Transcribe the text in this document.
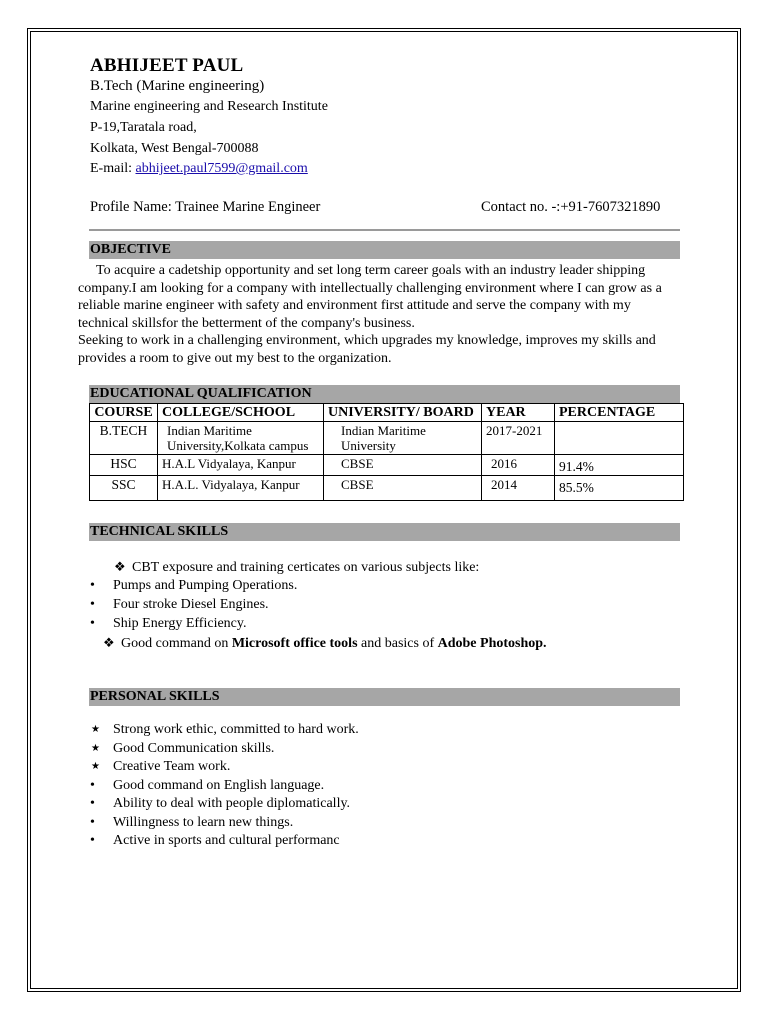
ABHIJEET PAUL
B.Tech (Marine engineering)
Marine engineering and Research Institute
P-19,Taratala road,
Kolkata, West Bengal-700088
E-mail: abhijeet.paul7599@gmail.com
Profile Name: Trainee Marine Engineer	Contact no. -:+91-7607321890
OBJECTIVE

To acquire a cadetship opportunity and set long term career goals with an industry leader shipping company.I am looking for a company with intellectually challenging environment where I can grow as a reliable marine engineer with safety and environment first attitude and serve the company with my technical skillsfor the betterment of the company's business.

Seeking to work in a challenging environment, which upgrades my knowledge, improves my skills and provides a room to give out my best to the organization.

EDUCATIONAL QUALIFICATION
COURSE	COLLEGE/SCHOOL	UNIVERSITY/ BOARD	YEAR	PERCENTAGE
B.TECH	Indian Maritime University,Kolkata campus	Indian Maritime University	2017-2021	
HSC	H.A.L Vidyalaya, Kanpur	CBSE	2016	91.4%
SSC	H.A.L. Vidyalaya, Kanpur	CBSE	2014	85.5%
TECHNICAL SKILLS
❖ CBT exposure and training certicates on various subjects like:
• Pumps and Pumping Operations.
• Four stroke Diesel Engines.
• Ship Energy Efficiency.
❖ Good command on Microsoft office tools and basics of Adobe Photoshop.
PERSONAL SKILLS
★ Strong work ethic, committed to hard work.
★ Good Communication skills.
★ Creative Team work.
• Good command on English language.
• Ability to deal with people diplomatically.
• Willingness to learn new things.
• Active in sports and cultural performanc
